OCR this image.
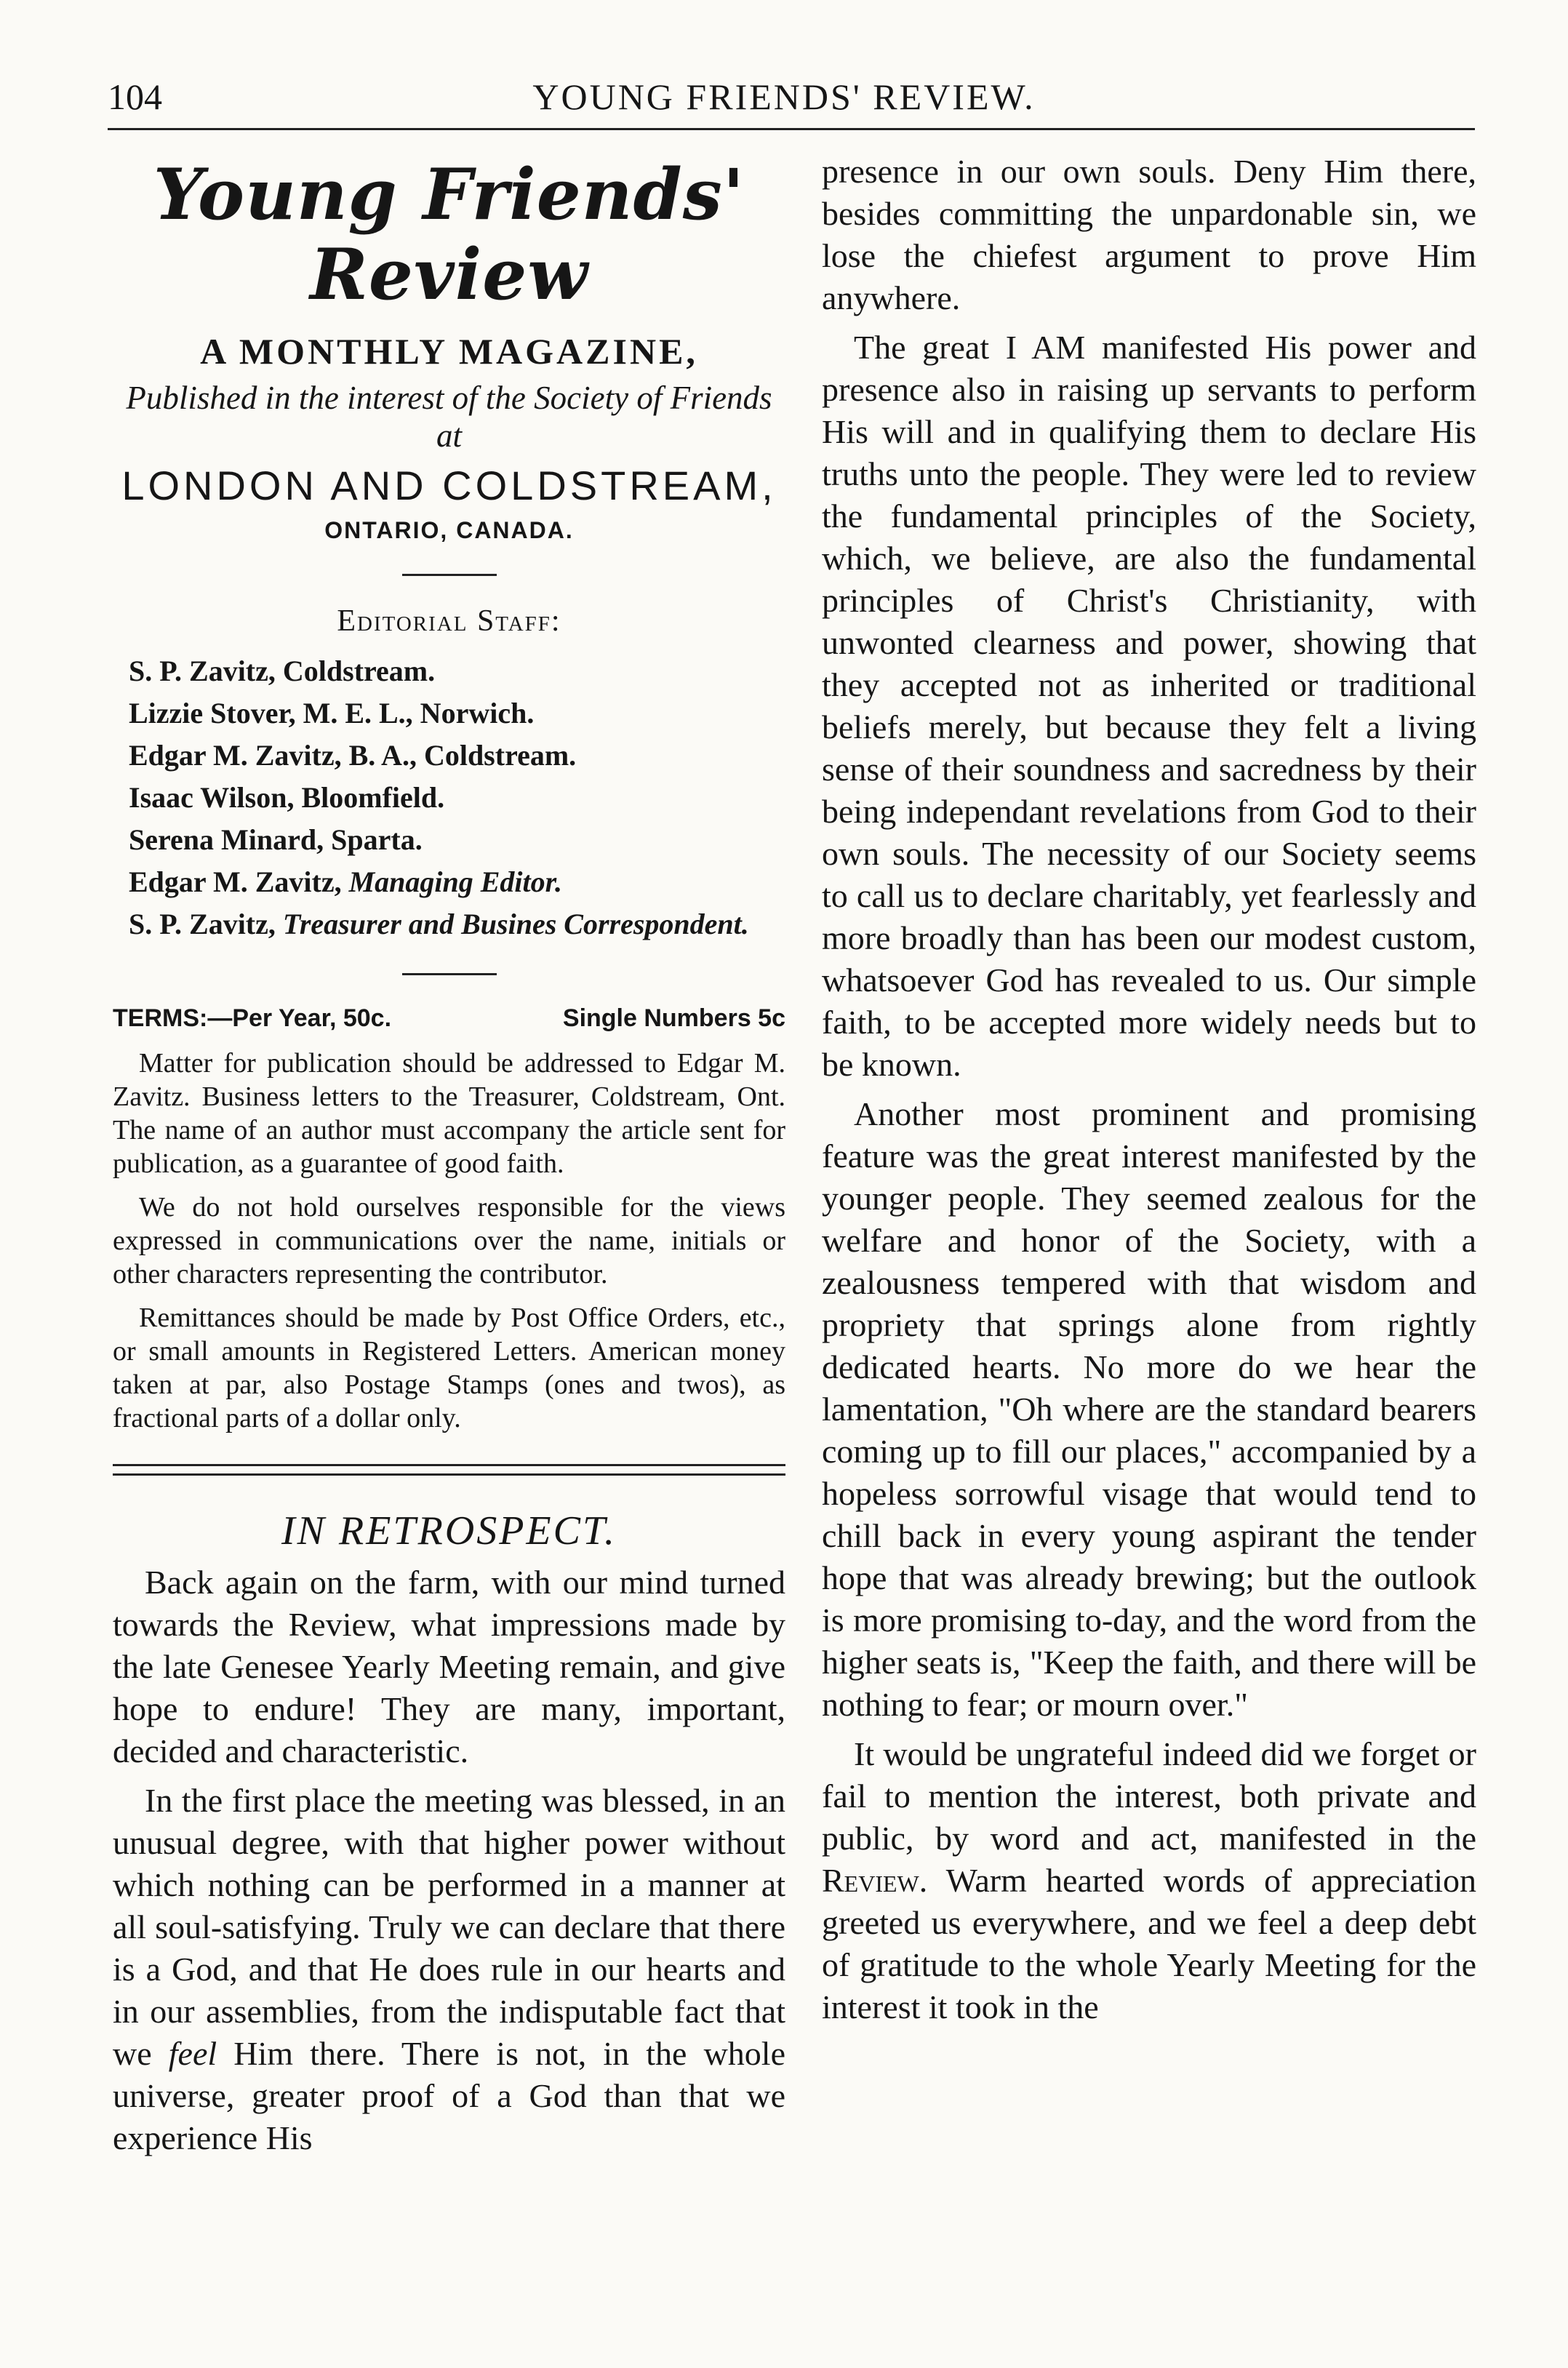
104	YOUNG FRIENDS' REVIEW.
Young Friends' Review
A MONTHLY MAGAZINE,
Published in the interest of the Society of Friends at
LONDON AND COLDSTREAM,
ONTARIO, CANADA.
Editorial Staff:
S. P. Zavitz, Coldstream.
Lizzie Stover, M. E. L., Norwich.
Edgar M. Zavitz, B. A., Coldstream.
Isaac Wilson, Bloomfield.
Serena Minard, Sparta.
Edgar M. Zavitz, Managing Editor.
S. P. Zavitz, Treasurer and Busines Correspondent.
TERMS:—Per Year, 50c.	Single Numbers 5c

Matter for publication should be addressed to Edgar M. Zavitz. Business letters to the Treasurer, Coldstream, Ont. The name of an author must accompany the article sent for publication, as a guarantee of good faith.

We do not hold ourselves responsible for the views expressed in communications over the name, initials or other characters representing the contributor.

Remittances should be made by Post Office Orders, etc., or small amounts in Registered Letters. American money taken at par, also Postage Stamps (ones and twos), as fractional parts of a dollar only.

IN RETROSPECT.

Back again on the farm, with our mind turned towards the Review, what impressions made by the late Genesee Yearly Meeting remain, and give hope to endure! They are many, important, decided and characteristic.

In the first place the meeting was blessed, in an unusual degree, with that higher power without which nothing can be performed in a manner at all soul-satisfying. Truly we can declare that there is a God, and that He does rule in our hearts and in our assemblies, from the indisputable fact that we feel Him there. There is not, in the whole universe, greater proof of a God than that we experience His

presence in our own souls. Deny Him there, besides committing the unpardonable sin, we lose the chiefest argument to prove Him anywhere.

The great I AM manifested His power and presence also in raising up servants to perform His will and in qualifying them to declare His truths unto the people. They were led to review the fundamental principles of the Society, which, we believe, are also the fundamental principles of Christ's Christianity, with unwonted clearness and power, showing that they accepted not as inherited or traditional beliefs merely, but because they felt a living sense of their soundness and sacredness by their being independant revelations from God to their own souls. The necessity of our Society seems to call us to declare charitably, yet fearlessly and more broadly than has been our modest custom, whatsoever God has revealed to us. Our simple faith, to be accepted more widely needs but to be known.

Another most prominent and promising feature was the great interest manifested by the younger people. They seemed zealous for the welfare and honor of the Society, with a zealousness tempered with that wisdom and propriety that springs alone from rightly dedicated hearts. No more do we hear the lamentation, "Oh where are the standard bearers coming up to fill our places," accompanied by a hopeless sorrowful visage that would tend to chill back in every young aspirant the tender hope that was already brewing; but the outlook is more promising to-day, and the word from the higher seats is, "Keep the faith, and there will be nothing to fear; or mourn over."

It would be ungrateful indeed did we forget or fail to mention the interest, both private and public, by word and act, manifested in the Review. Warm hearted words of appreciation greeted us everywhere, and we feel a deep debt of gratitude to the whole Yearly Meeting for the interest it took in the
